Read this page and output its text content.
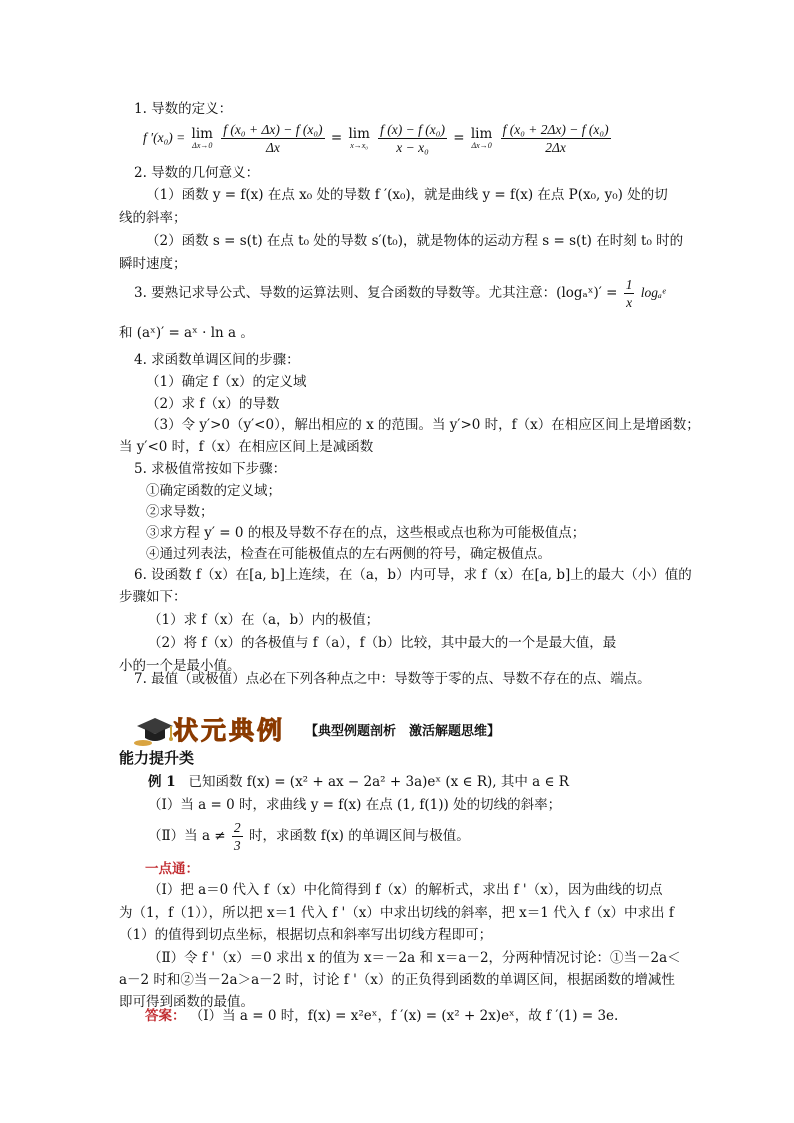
1. 导数的定义：
f ′(x₀) = lim
Δx→0
$\frac{\text{f (x₀ + Δx) − f (x₀)}}{\Delta x} = \lim$
x→x₀
$\frac{\text{f (x) − f (x₀)}}{\text{x − x₀}} = \lim$
Δx→0
$\frac{\text{f (x₀ + 2Δx) − f (x₀)}}{2\Delta x}$
2. 导数的几何意义：
（1）函数 y = f(x) 在点 x₀ 处的导数 f ′(x₀)，就是曲线 y = f(x) 在点 P(x₀, y₀) 处的切
线的斜率；
（2）函数 s = s(t) 在点 t₀ 处的导数 s′(t₀)，就是物体的运动方程 s = s(t) 在时刻 t₀ 时的
瞬时速度；
3. 要熟记求导公式、导数的运算法则、复合函数的导数等。尤其注意：(logₐˣ)′ = $\frac{1}{x}$ logₐᵉ
和 (aˣ)′ = aˣ · ln a 。
4. 求函数单调区间的步骤：
（1）确定 f（x）的定义域
（2）求 f（x）的导数
（3）令 y′>0（y′<0），解出相应的 x 的范围。当 y′>0 时，f（x）在相应区间上是增函数；
当 y′<0 时，f（x）在相应区间上是减函数
5. 求极值常按如下步骤：
①确定函数的定义域；
②求导数；
③求方程 y′ = 0 的根及导数不存在的点，这些根或点也称为可能极值点；
④通过列表法，检查在可能极值点的左右两侧的符号，确定极值点。
6. 设函数 f（x）在[a, b]上连续，在（a，b）内可导，求 f（x）在[a, b]上的最大（小）值的
步骤如下：
（1）求 f（x）在（a，b）内的极值；
（2）将 f（x）的各极值与 f（a），f（b）比较，其中最大的一个是最大值，最
小的一个是最小值。
7. 最值（或极值）点必在下列各种点之中：导数等于零的点、导数不存在的点、端点。
状元典例 【典型例题剖析　激活解题思维】
能力提升类
例 1 已知函数 f(x) = (x² + ax − 2a² + 3a)eˣ (x ∈ R), 其中 a ∈ R
（Ⅰ）当 a = 0 时，求曲线 y = f(x) 在点 (1, f(1)) 处的切线的斜率；
（Ⅱ）当 $a \ne \frac{2}{3}$ 时，求函数 f(x) 的单调区间与极值。
一点通：
（Ⅰ）把 a＝0 代入 f（x）中化简得到 f（x）的解析式，求出 f '（x），因为曲线的切点
为（1，f（1）），所以把 x＝1 代入 f '（x）中求出切线的斜率，把 x＝1 代入 f（x）中求出 f
（1）的值得到切点坐标，根据切点和斜率写出切线方程即可；
（Ⅱ）令 f '（x）＝0 求出 x 的值为 x＝－2a 和 x＝a－2，分两种情况讨论：①当－2a＜
a－2 时和②当－2a＞a－2 时，讨论 f '（x）的正负得到函数的单调区间，根据函数的增减性
即可得到函数的最值。
答案： （I）当 a = 0 时，f(x) = x²eˣ，f ′(x) = (x² + 2x)eˣ，故 f ′(1) = 3e.
